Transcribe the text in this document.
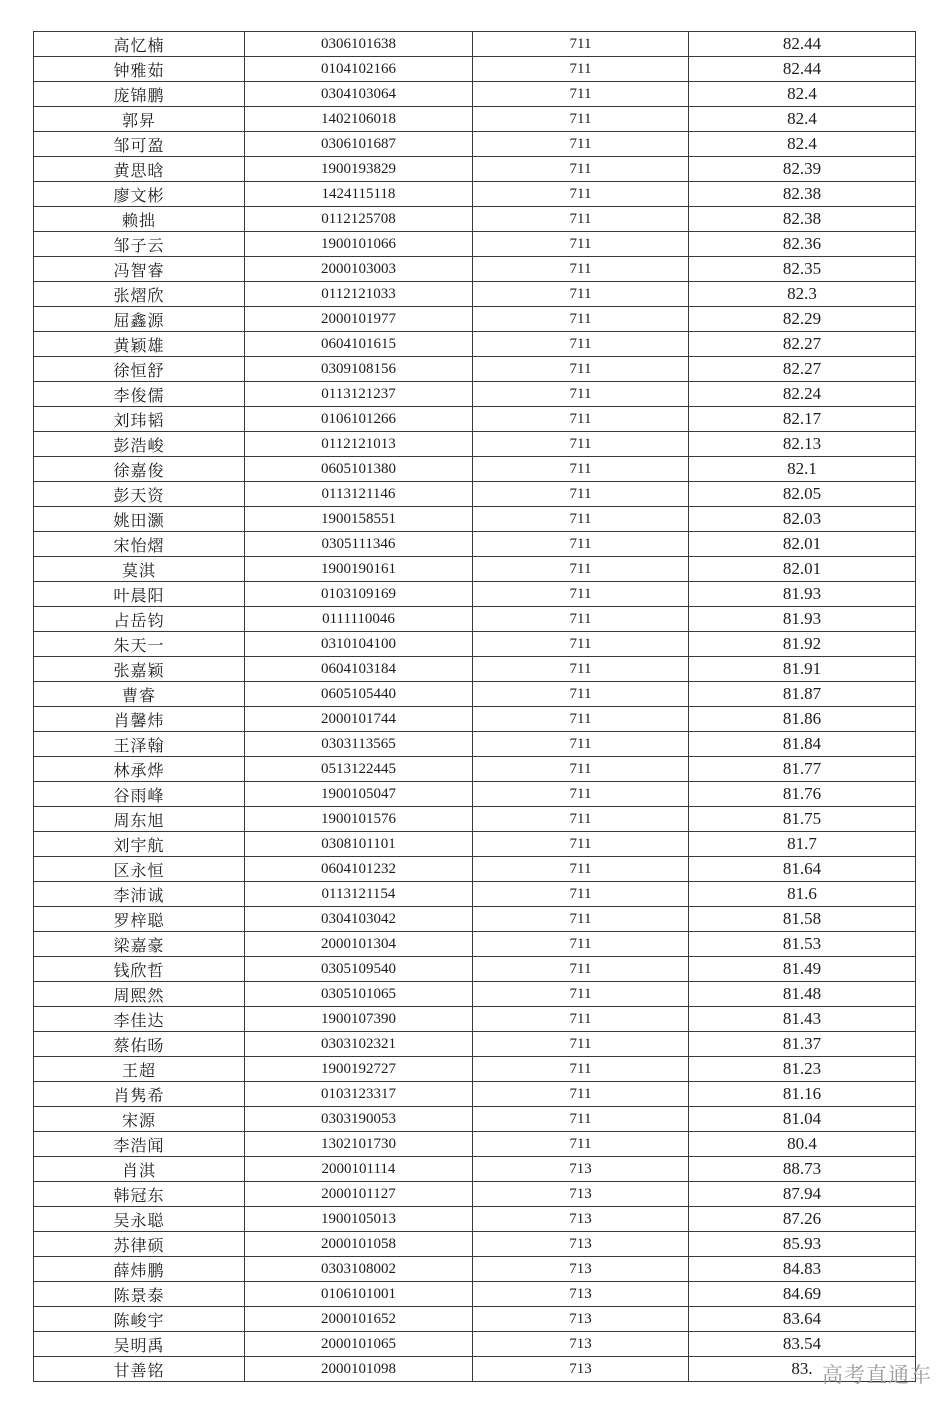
高忆楠	0306101638	711	82.44
钟雅茹	0104102166	711	82.44
庞锦鹏	0304103064	711	82.4
郭昇	1402106018	711	82.4
邹可盈	0306101687	711	82.4
黄思晗	1900193829	711	82.39
廖文彬	1424115118	711	82.38
赖拙	0112125708	711	82.38
邹子云	1900101066	711	82.36
冯智睿	2000103003	711	82.35
张熠欣	0112121033	711	82.3
屈鑫源	2000101977	711	82.29
黄颖雄	0604101615	711	82.27
徐恒舒	0309108156	711	82.27
李俊儒	0113121237	711	82.24
刘玮韬	0106101266	711	82.17
彭浩峻	0112121013	711	82.13
徐嘉俊	0605101380	711	82.1
彭天资	0113121146	711	82.05
姚田灏	1900158551	711	82.03
宋怡熠	0305111346	711	82.01
莫淇	1900190161	711	82.01
叶晨阳	0103109169	711	81.93
占岳钧	0111110046	711	81.93
朱天一	0310104100	711	81.92
张嘉颖	0604103184	711	81.91
曹睿	0605105440	711	81.87
肖馨炜	2000101744	711	81.86
王泽翰	0303113565	711	81.84
林承烨	0513122445	711	81.77
谷雨峰	1900105047	711	81.76
周东旭	1900101576	711	81.75
刘宇航	0308101101	711	81.7
区永恒	0604101232	711	81.64
李沛诚	0113121154	711	81.6
罗梓聪	0304103042	711	81.58
梁嘉豪	2000101304	711	81.53
钱欣哲	0305109540	711	81.49
周熙然	0305101065	711	81.48
李佳达	1900107390	711	81.43
蔡佑旸	0303102321	711	81.37
王超	1900192727	711	81.23
肖隽希	0103123317	711	81.16
宋源	0303190053	711	81.04
李浩闻	1302101730	711	80.4
肖淇	2000101114	713	88.73
韩冠东	2000101127	713	87.94
吴永聪	1900105013	713	87.26
苏律硕	2000101058	713	85.93
薛炜鹏	0303108002	713	84.83
陈景泰	0106101001	713	84.69
陈峻宇	2000101652	713	83.64
吴明禹	2000101065	713	83.54
甘善铭	2000101098	713	83. 高考直通车
